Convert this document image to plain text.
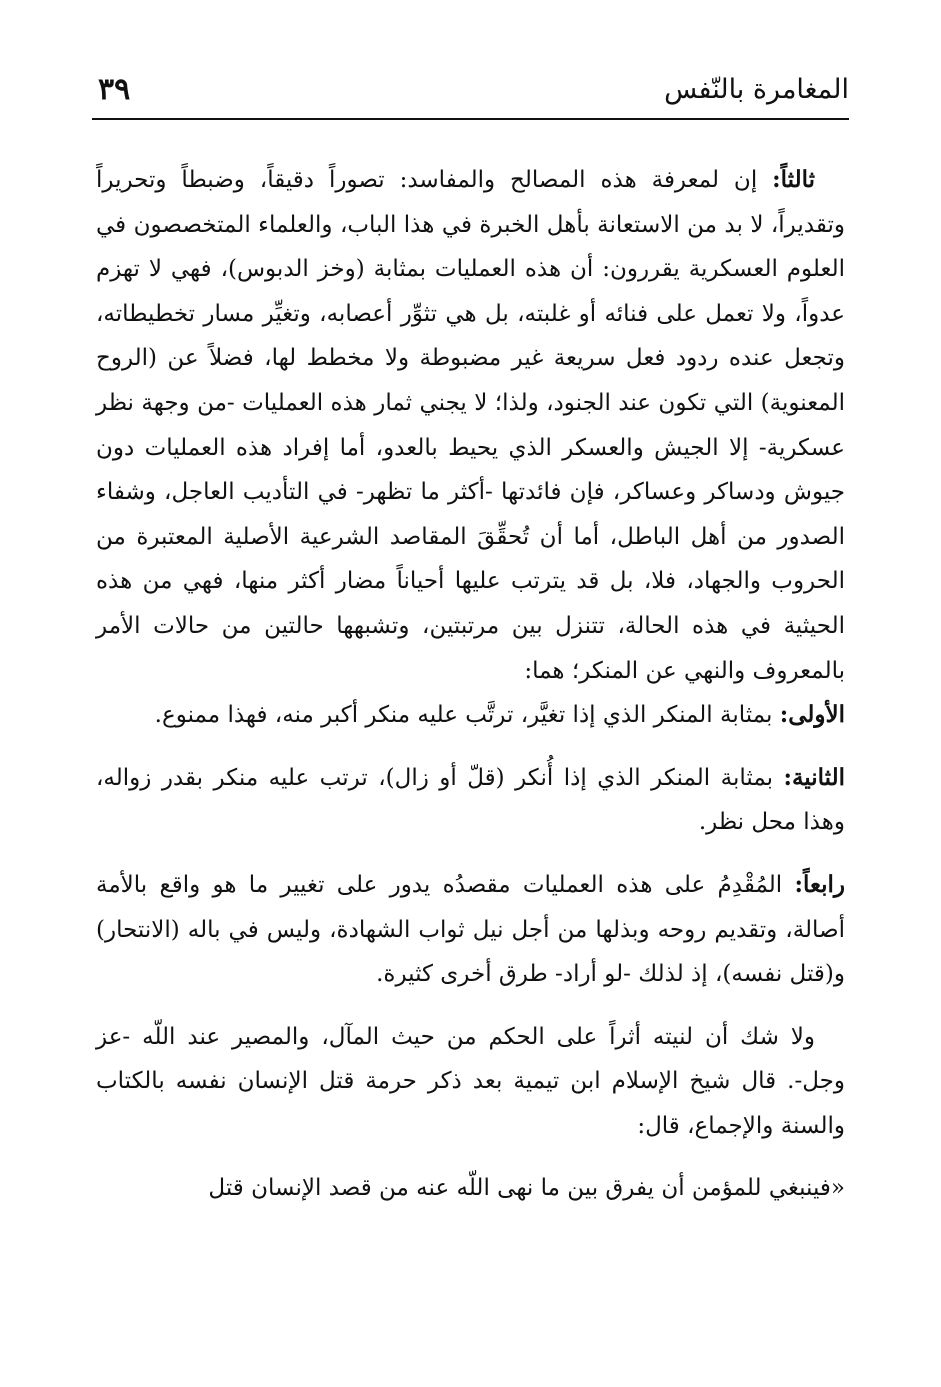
المغامرة بالنّفس
٣٩

ثالثاً: إن لمعرفة هذه المصالح والمفاسد: تصوراً دقيقاً، وضبطاً وتحريراً وتقديراً، لا بد من الاستعانة بأهل الخبرة في هذا الباب، والعلماء المتخصصون في العلوم العسكرية يقررون: أن هذه العمليات بمثابة (وخز الدبوس)، فهي لا تهزم عدواً، ولا تعمل على فنائه أو غلبته، بل هي تثوِّر أعصابه، وتغيِّر مسار تخطيطاته، وتجعل عنده ردود فعل سريعة غير مضبوطة ولا مخطط لها، فضلاً عن (الروح المعنوية) التي تكون عند الجنود، ولذا؛ لا يجني ثمار هذه العمليات -من وجهة نظر عسكرية- إلا الجيش والعسكر الذي يحيط بالعدو، أما إفراد هذه العمليات دون جيوش ودساكر وعساكر، فإن فائدتها -أكثر ما تظهر- في التأديب العاجل، وشفاء الصدور من أهل الباطل، أما أن تُحقِّقَ المقاصد الشرعية الأصلية المعتبرة من الحروب والجهاد، فلا، بل قد يترتب عليها أحياناً مضار أكثر منها، فهي من هذه الحيثية في هذه الحالة، تتنزل بين مرتبتين، وتشبهها حالتين من حالات الأمر بالمعروف والنهي عن المنكر؛ هما:

الأولى: بمثابة المنكر الذي إذا تغيَّر، ترتَّب عليه منكر أكبر منه، فهذا ممنوع.

الثانية: بمثابة المنكر الذي إذا أُنكر (قلّ أو زال)، ترتب عليه منكر بقدر زواله، وهذا محل نظر.

رابعاً: المُقْدِمُ على هذه العمليات مقصدُه يدور على تغيير ما هو واقع بالأمة أصالة، وتقديم روحه وبذلها من أجل نيل ثواب الشهادة، وليس في باله (الانتحار) و(قتل نفسه)، إذ لذلك -لو أراد- طرق أخرى كثيرة.

ولا شك أن لنيته أثراً على الحكم من حيث المآل، والمصير عند اللّه -عز وجل-. قال شيخ الإسلام ابن تيمية بعد ذكر حرمة قتل الإنسان نفسه بالكتاب والسنة والإجماع، قال:

«فينبغي للمؤمن أن يفرق بين ما نهى اللّه عنه من قصد الإنسان قتل
